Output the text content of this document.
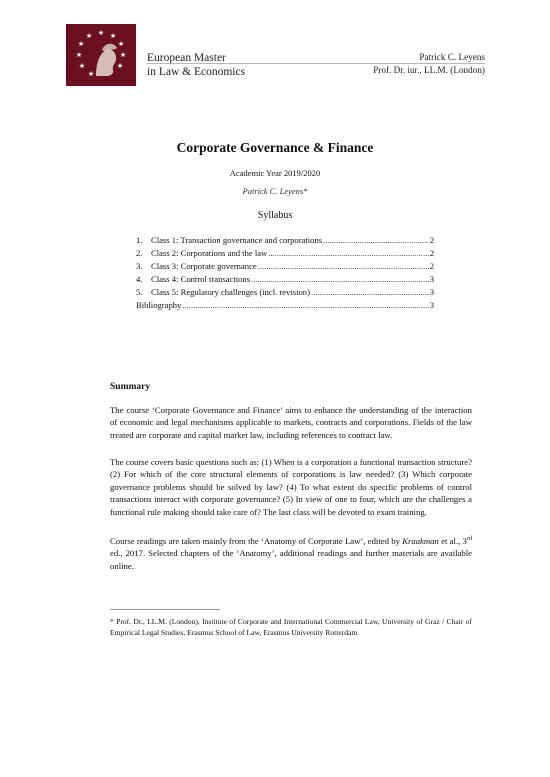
★ ★
★
★
★
★
★
★
★
★
European Master
in Law & Economics
Patrick C. Leyens
Prof. Dr. iur., LL.M. (London)
Corporate Governance & Finance
Academic Year 2019/2020
Patrick C. Leyens*
Syllabus
1. Class 1: Transaction governance and corporations .....	2
2. Class 2: Corporations and the law .....	2
3. Class 3: Corporate governance .....	2
4. Class 4: Control transactions .....	3
5. Class 5: Regulatory challenges (incl. revision) .....	3
Bibliography .....	3
Summary
The course ‘Corporate Governance and Finance’ aims to enhance the understanding of the interaction of economic and legal mechanisms applicable to markets, contracts and corporations. Fields of the law treated are corporate and capital market law, including references to contract law.
The course covers basic questions such as: (1) When is a corporation a functional transaction structure? (2) For which of the core structural elements of corporations is law needed? (3) Which corporate governance problems should be solved by law? (4) To what extent do specific problems of control transactions interact with corporate governance? (5) In view of one to four, which are the challenges a functional rule making should take care of? The last class will be devoted to exam training.
Course readings are taken mainly from the ‘Anatomy of Corporate Law’, edited by Kraakman et al., 3rd ed., 2017. Selected chapters of the ‘Anatomy’, additional readings and further materials are available online.
* Prof. Dr., LL.M. (London), Institute of Corporate and International Commercial Law, University of Graz / Chair of Empirical Legal Studies, Erasmus School of Law, Erasmus University Rotterdam
